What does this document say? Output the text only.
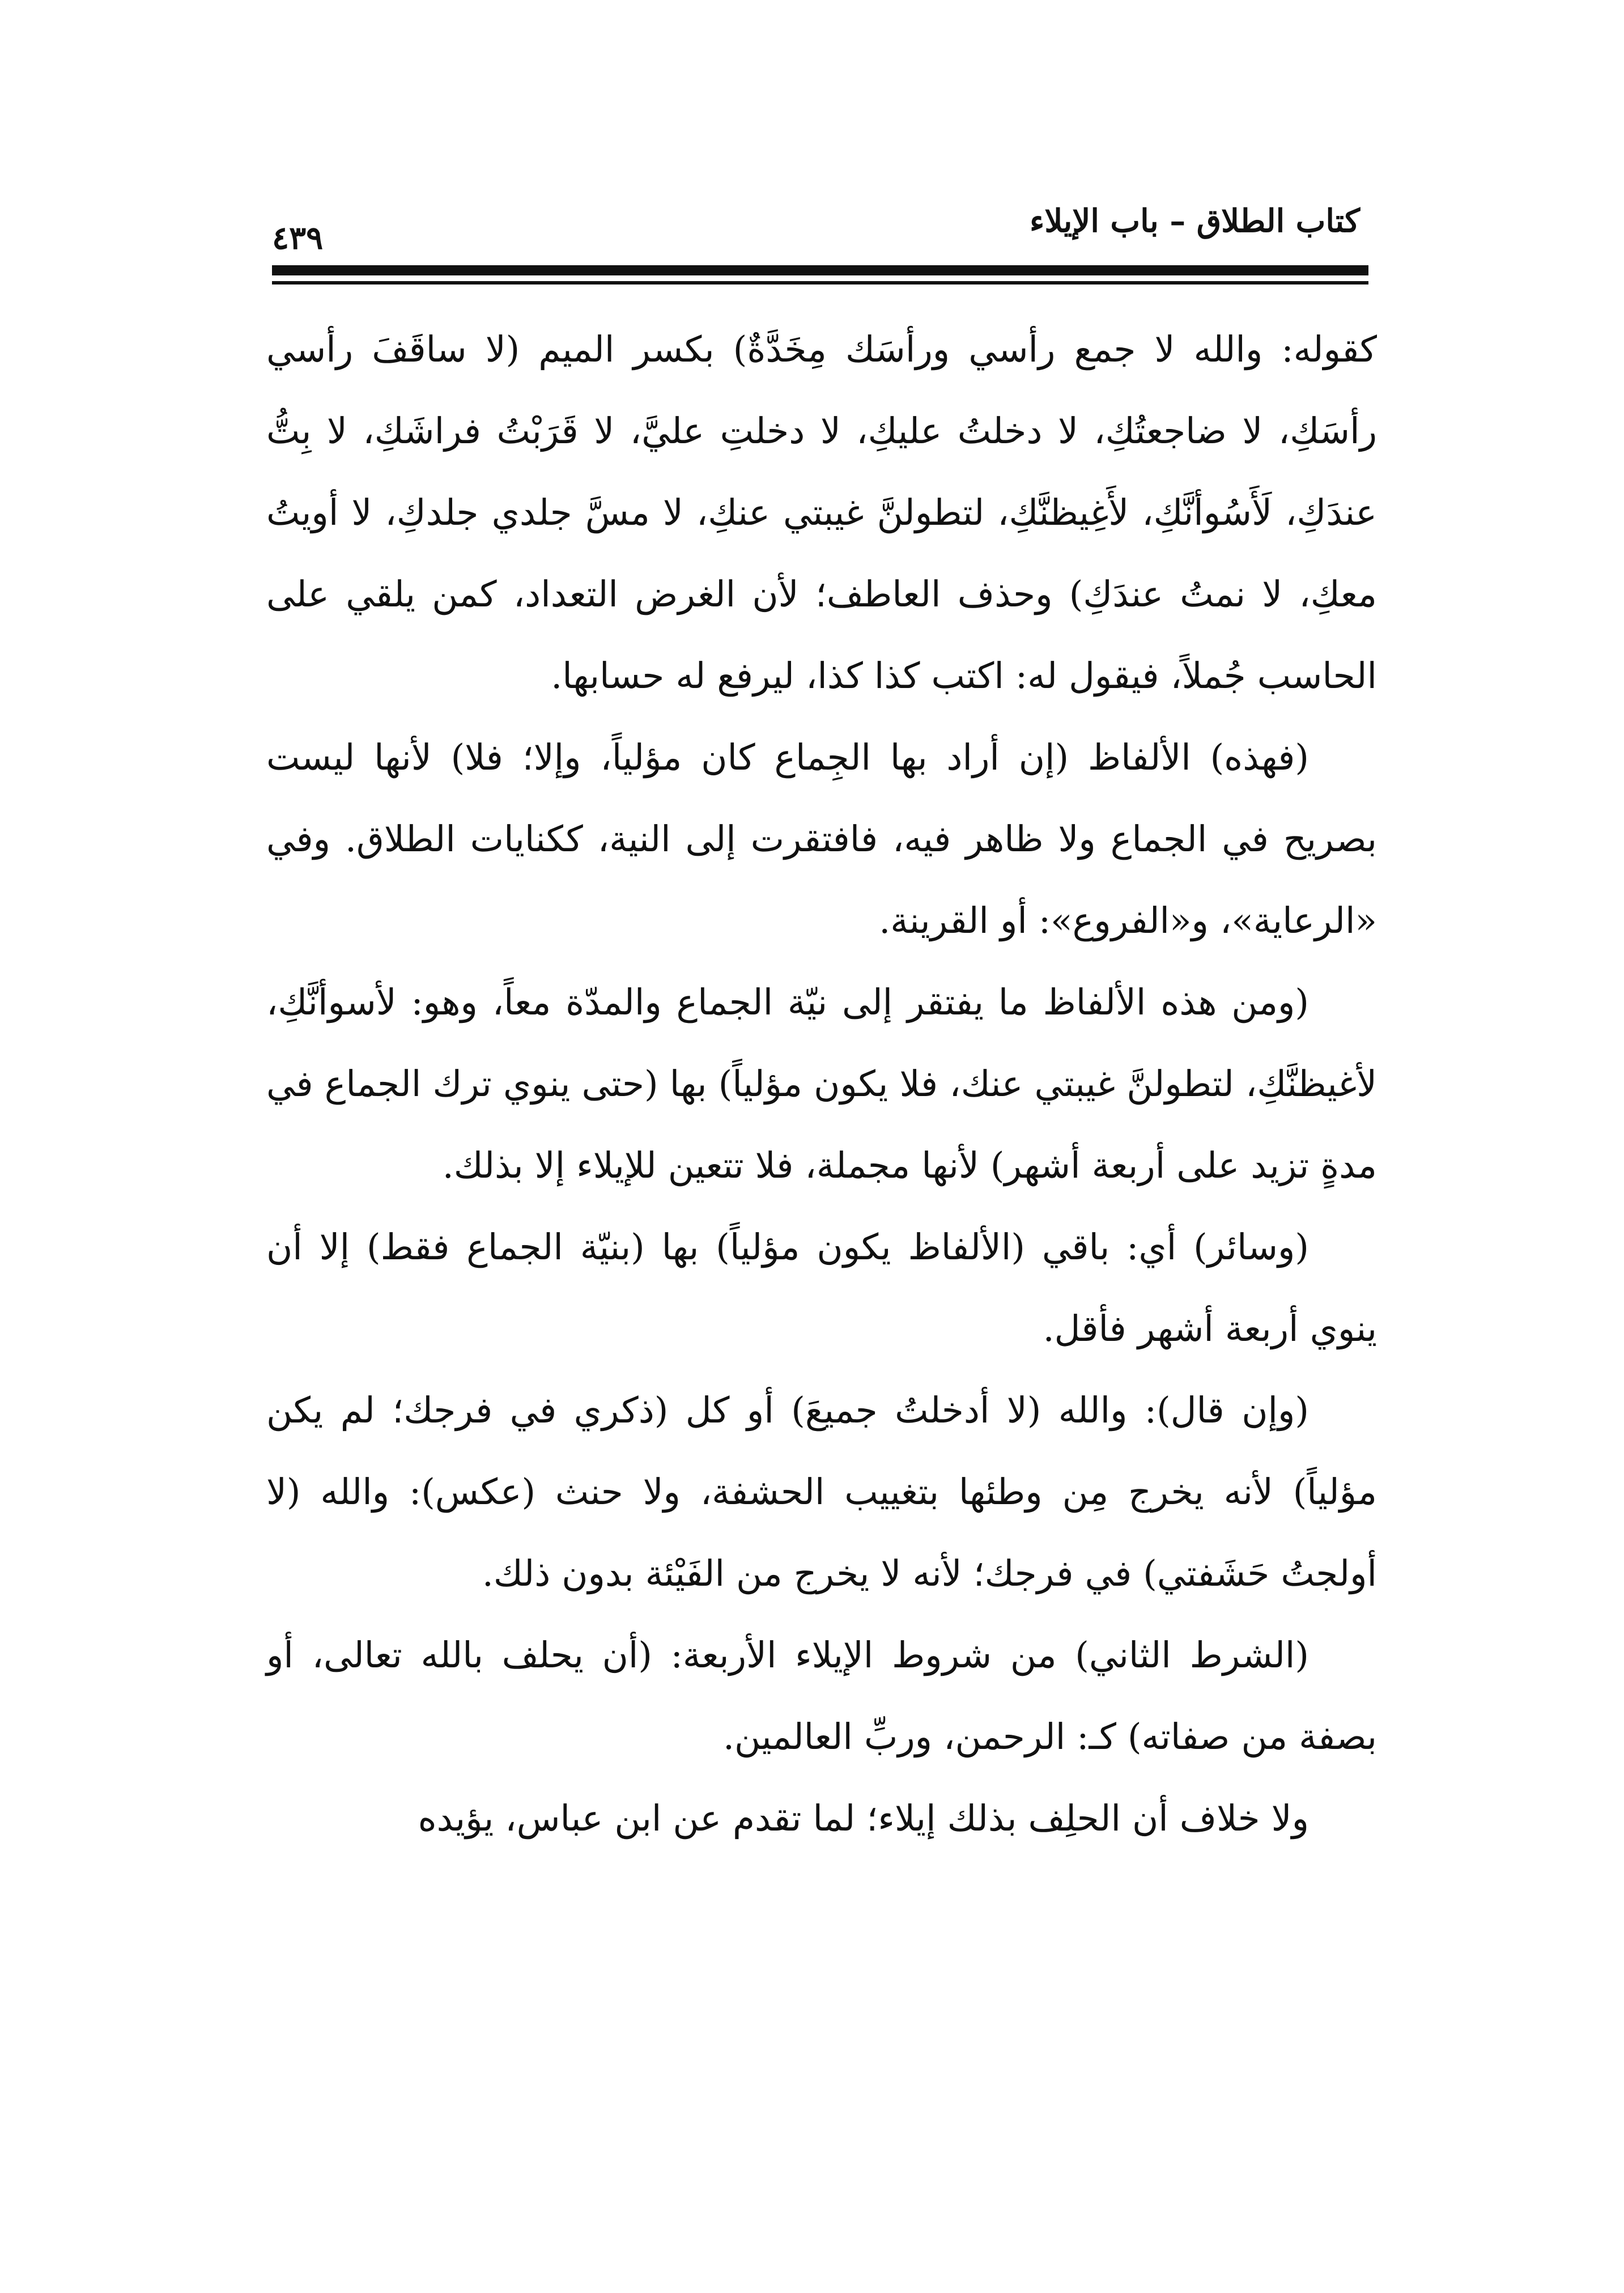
كتاب الطلاق – باب الإيلاء
٤٣٩

كقوله: والله لا جمع رأسي ورأسَك مِخَدَّةٌ) بكسر الميم (لا ساقَفَ رأسي رأسَكِ، لا ضاجعتُكِ، لا دخلتُ عليكِ، لا دخلتِ عليَّ، لا قَرَبْتُ فراشَكِ، لا بِتُّ عندَكِ، لَأَسُوأنَّكِ، لأَغِيظنَّكِ، لتطولنَّ غيبتي عنكِ، لا مسَّ جلدي جلدكِ، لا أويتُ معكِ، لا نمتُ عندَكِ) وحذف العاطف؛ لأن الغرض التعداد، كمن يلقي على الحاسب جُملاً، فيقول له: اكتب كذا كذا، ليرفع له حسابها.

(فهذه) الألفاظ (إن أراد بها الجِماع كان مؤلياً، وإلا؛ فلا) لأنها ليست بصريح في الجماع ولا ظاهر فيه، فافتقرت إلى النية، ككنايات الطلاق. وفي «الرعاية»، و«الفروع»: أو القرينة.

(ومن هذه الألفاظ ما يفتقر إلى نيّة الجماع والمدّة معاً، وهو: لأسوأنَّكِ، لأغيظنَّكِ، لتطولنَّ غيبتي عنك، فلا يكون مؤلياً) بها (حتى ينوي ترك الجماع في مدةٍ تزيد على أربعة أشهر) لأنها مجملة، فلا تتعين للإيلاء إلا بذلك.

(وسائر) أي: باقي (الألفاظ يكون مؤلياً) بها (بنيّة الجماع فقط) إلا أن ينوي أربعة أشهر فأقل.

(وإن قال): والله (لا أدخلتُ جميعَ) أو كل (ذكري في فرجك؛ لم يكن مؤلياً) لأنه يخرج مِن وطئها بتغييب الحشفة، ولا حنث (عكس): والله (لا أولجتُ حَشَفتي) في فرجك؛ لأنه لا يخرج من الفَيْئة بدون ذلك.

(الشرط الثاني) من شروط الإيلاء الأربعة: (أن يحلف بالله تعالى، أو بصفة من صفاته) كـ: الرحمن، وربِّ العالمين.

ولا خلاف أن الحلِف بذلك إيلاء؛ لما تقدم عن ابن عباس، يؤيده
